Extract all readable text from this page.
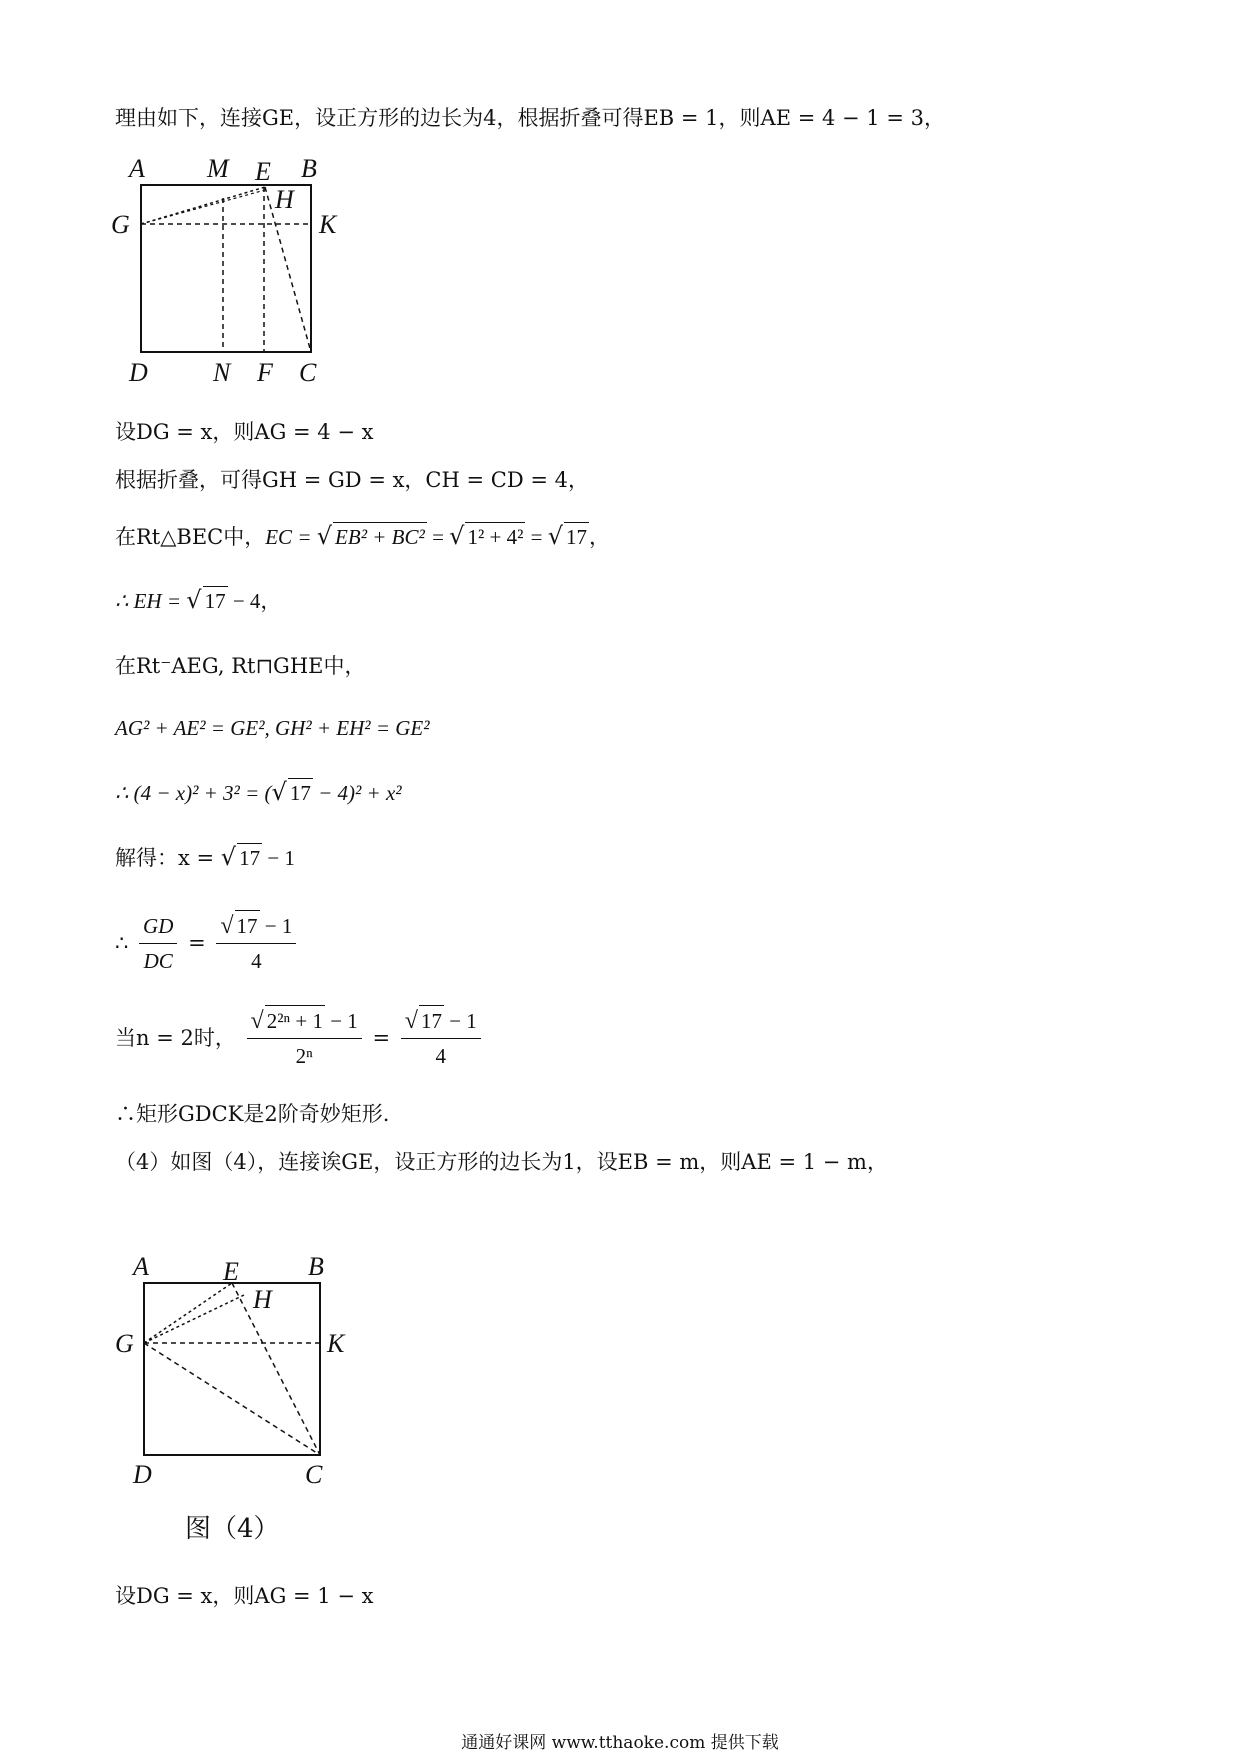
理由如下，连接GE，设正方形的边长为4，根据折叠可得EB = 1，则AE = 4 − 1 = 3，
A M E B
H
G	K
D	N F C
设DG = x，则AG = 4 − x
根据折叠，可得GH = GD = x，CH = CD = 4，
在Rt△BEC中，EC = √ EB² + BC² = √ 1² + 4² = √ 17，
∴ EH = √ 17 − 4，
在Rt⁻AEG, Rt⊓GHE中，
AG² + AE² = GE², GH² + EH² = GE²
∴ (4 − x)² + 3² = (√ 17 − 4)² + x²
解得：x = √ 17 − 1
∴ $\frac{GD}{DC} = \frac{√ 17 - 1}{4}$
当n = 2时， $\frac{\text{√ 2²ⁿ + 1 − 1}}{\text{2ⁿ}} = \frac{√ 17 - 1}{4}$
∴矩形GDCK是2阶奇妙矩形.
（4）如图（4），连接诶GE，设正方形的边长为1，设EB = m，则AE = 1 − m，
A	E	B
H
G	K
D	C
图（4）
设DG = x，则AG = 1 − x
通通好课网 www.tthaoke.com 提供下载
